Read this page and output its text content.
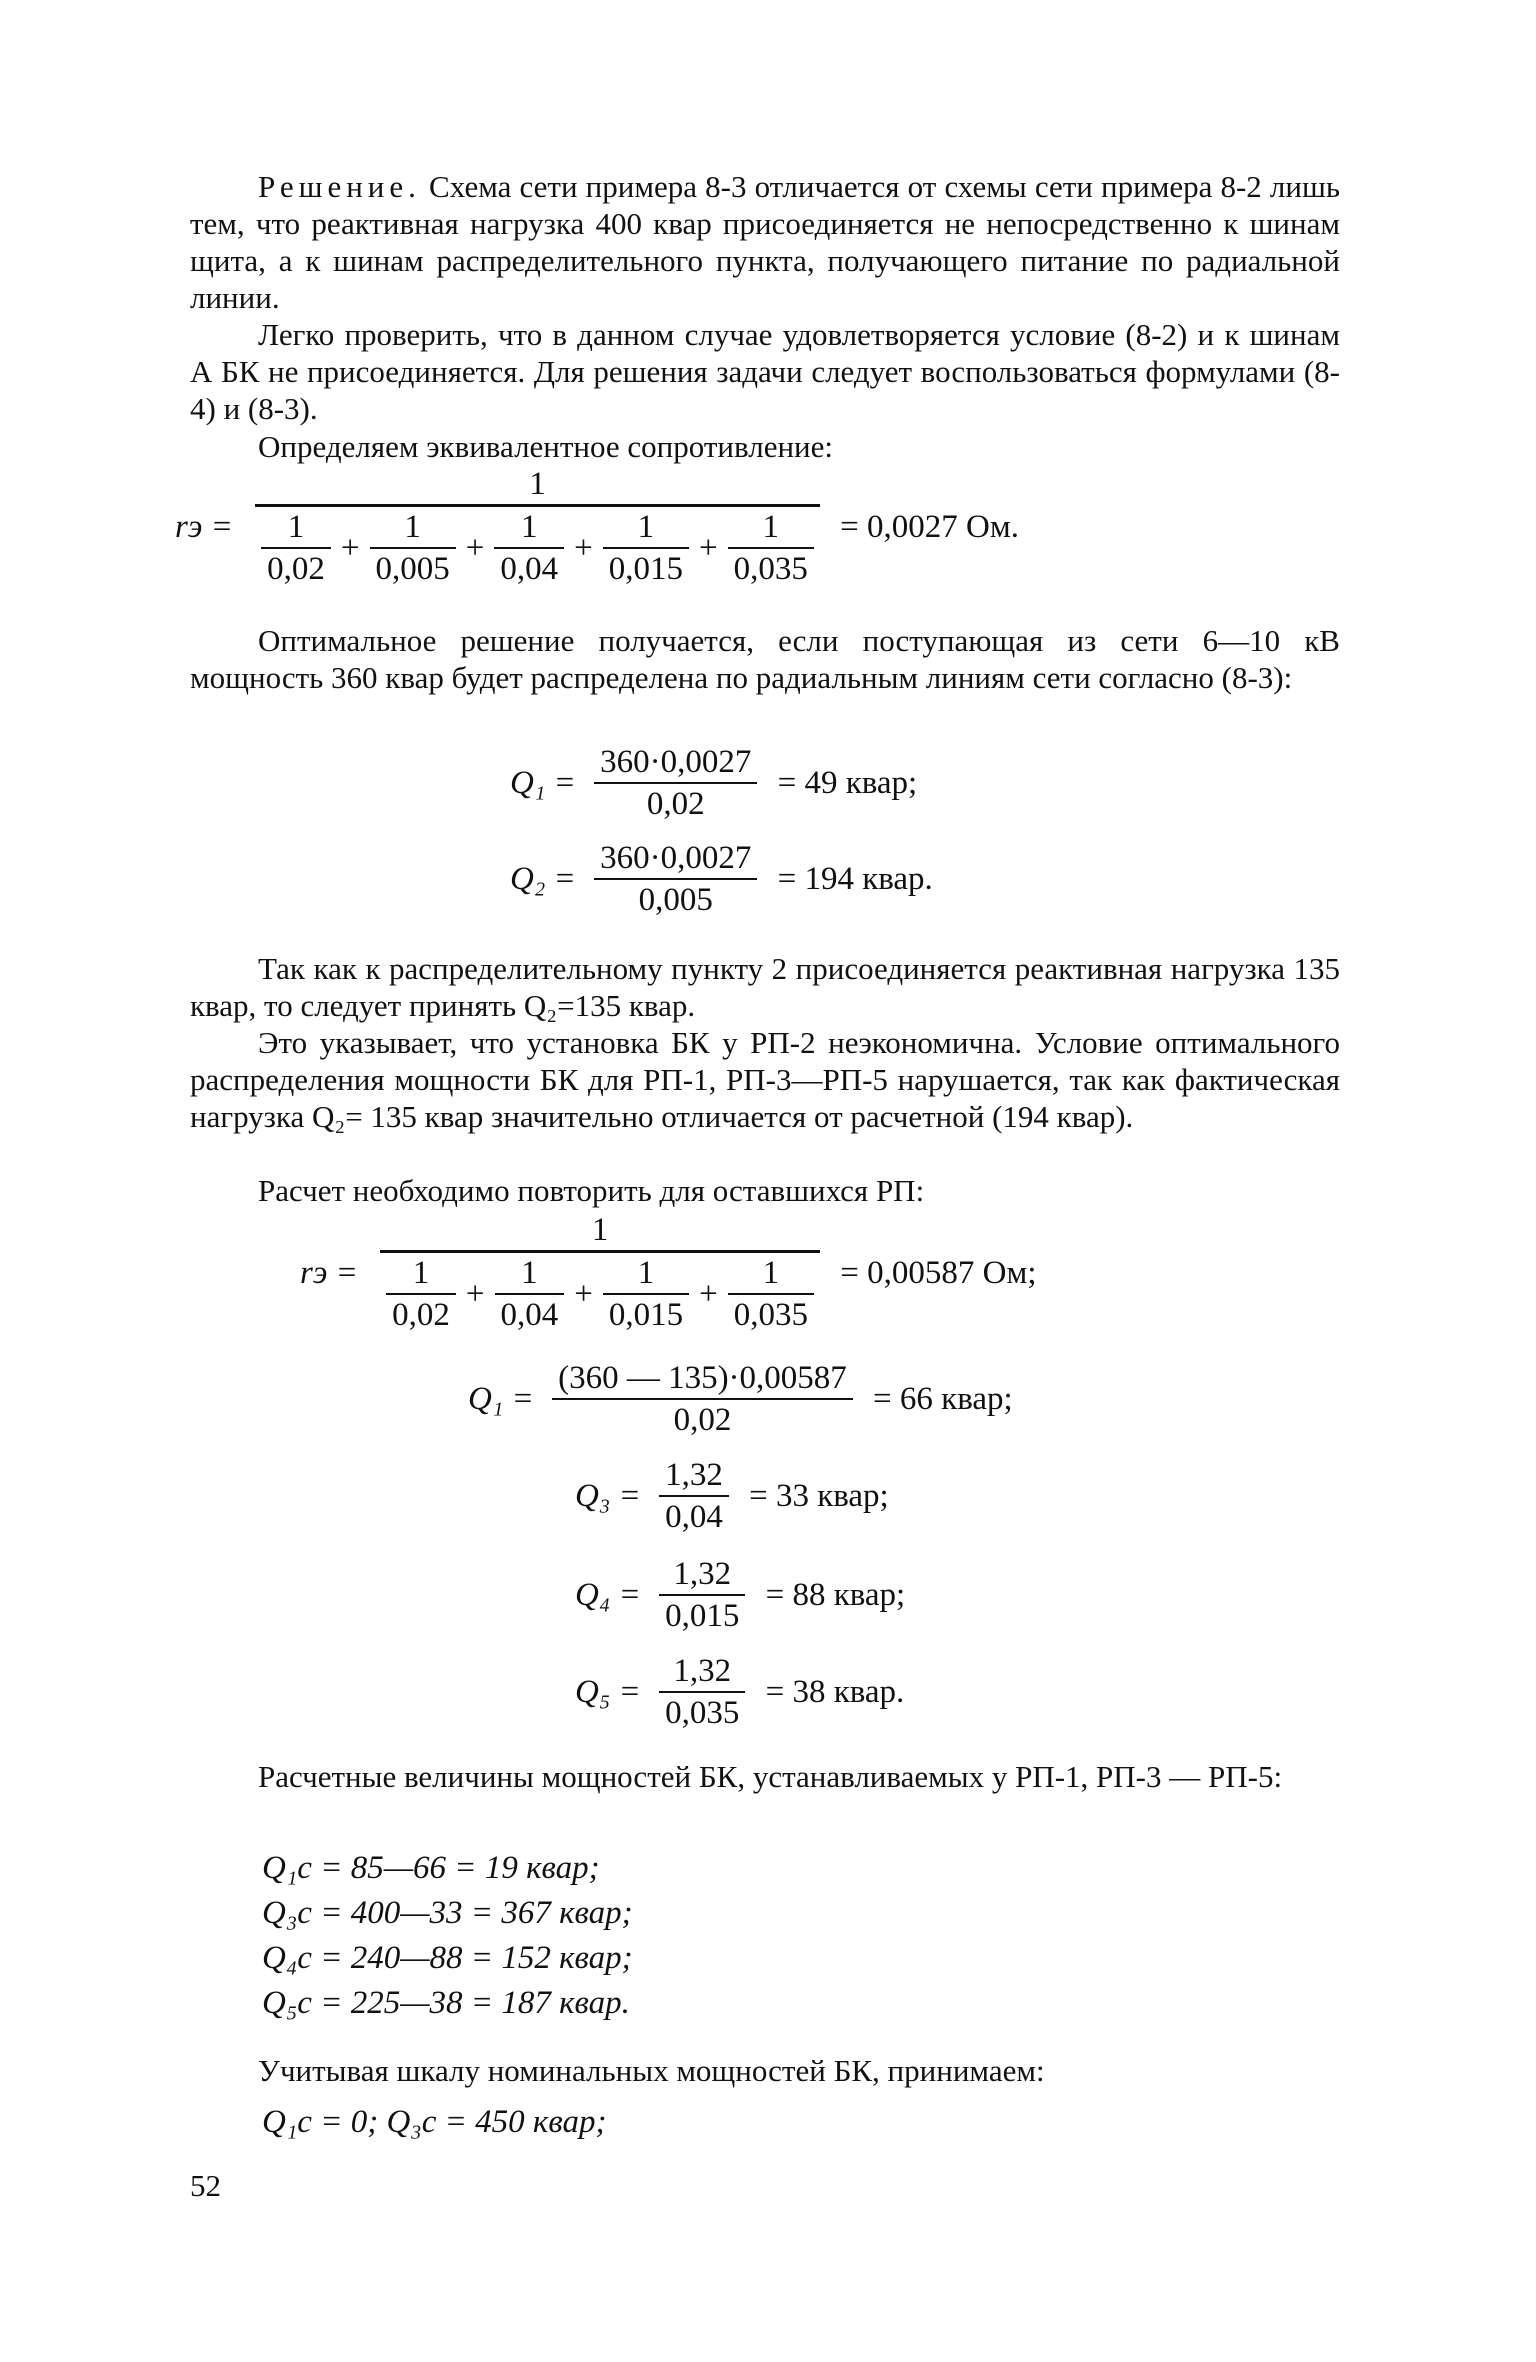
Решение. Схема сети примера 8-3 отличается от схемы сети примера 8-2 лишь тем, что реактивная нагрузка 400 квар присоединяется не непосредственно к шинам щита, а к шинам распределительного пункта, получающего питание по радиальной линии.

Легко проверить, что в данном случае удовлетворяется условие (8-2) и к шинам А БК не присоединяется. Для решения задачи следует воспользоваться формулами (8-4) и (8-3).

Определяем эквивалентное сопротивление:

rэ = $\frac{1}{\frac{1}{0,02} + \frac{1}{0,005} + \frac{1}{0,04} + \frac{1}{0,015} + \frac{1}{0,035}} = 0,0027$ Ом.

Оптимальное решение получается, если поступающая из сети 6—10 кВ мощность 360 квар будет распределена по радиальным линиям сети согласно (8-3):

$Q_1 = \frac{360\cdot 0,0027}{0,02} = 49$ квар;
$Q_2 = \frac{360\cdot 0,0027}{0,005} = 194$ квар.

Так как к распределительному пункту 2 присоединяется реактивная нагрузка 135 квар, то следует принять Q₂=135 квар.

Это указывает, что установка БК у РП-2 неэкономична. Условие оптимального распределения мощности БК для РП-1, РП-3—РП-5 нарушается, так как фактическая нагрузка Q₂= 135 квар значительно отличается от расчетной (194 квар).

Расчет необходимо повторить для оставшихся РП:

rэ = $\frac{1}{\frac{1}{0,02} + \frac{1}{0,04} + \frac{1}{0,015} + \frac{1}{0,035}} = 0,00587$ Ом;
$Q_1 = \frac{(360 — 135)\cdot 0,00587}{0,02} = 66$ квар;
$Q_3 = \frac{1,32}{0,04} = 33$ квар;
$Q_4 = \frac{1,32}{0,015} = 88$ квар;
$Q_5 = \frac{1,32}{0,035} = 38$ квар.

Расчетные величины мощностей БК, устанавливаемых у РП-1, РП-3 — РП-5:

Q₁c = 85—66 = 19 квар;
Q₃c = 400—33 = 367 квар;
Q₄c = 240—88 = 152 квар;
Q₅c = 225—38 = 187 квар.

Учитывая шкалу номинальных мощностей БК, принимаем:

Q₁c = 0; Q₃c = 450 квар;
52
